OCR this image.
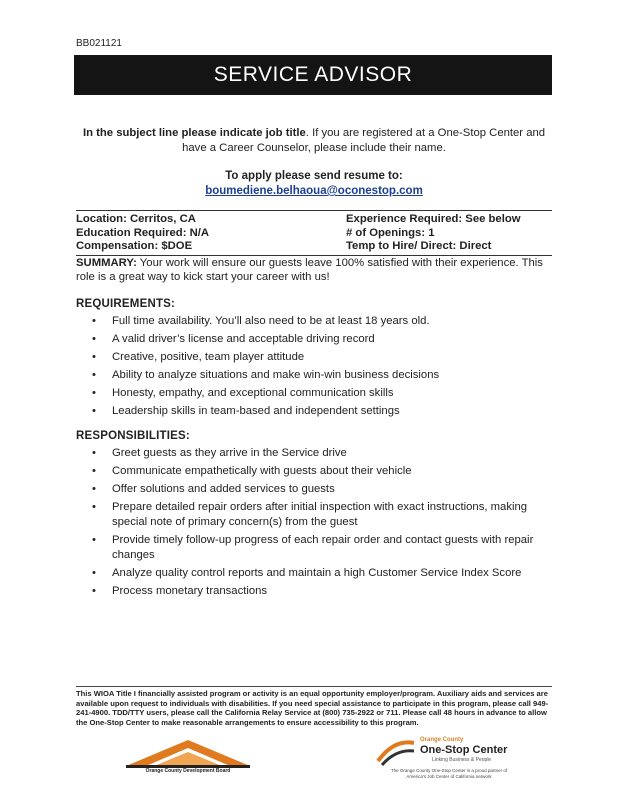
BB021121
SERVICE ADVISOR
In the subject line please indicate job title. If you are registered at a One-Stop Center and have a Career Counselor, please include their name.
To apply please send resume to:
boumediene.belhaoua@oconestop.com
Location: Cerritos, CA
Education Required: N/A
Compensation: $DOE
Experience Required: See below
# of Openings: 1
Temp to Hire/ Direct: Direct
SUMMARY: Your work will ensure our guests leave 100% satisfied with their experience. This role is a great way to kick start your career with us!
REQUIREMENTS:
• Full time availability. You’ll also need to be at least 18 years old.
• A valid driver’s license and acceptable driving record
• Creative, positive, team player attitude
• Ability to analyze situations and make win-win business decisions
• Honesty, empathy, and exceptional communication skills
• Leadership skills in team-based and independent settings
RESPONSIBILITIES:
• Greet guests as they arrive in the Service drive
• Communicate empathetically with guests about their vehicle
• Offer solutions and added services to guests
• Prepare detailed repair orders after initial inspection with exact instructions, making special note of primary concern(s) from the guest
• Provide timely follow-up progress of each repair order and contact guests with repair changes
• Analyze quality control reports and maintain a high Customer Service Index Score
• Process monetary transactions
This WIOA Title I financially assisted program or activity is an equal opportunity employer/program. Auxiliary aids and services are available upon request to individuals with disabilities. If you need special assistance to participate in this program, please call 949-241-4900. TDD/TTY users, please call the California Relay Service at (800) 735-2922 or 711. Please call 48 hours in advance to allow the One-Stop Center to make reasonable arrangements to ensure accessibility to this program.
Orange County Development Board
Orange County
One-Stop Center
Linking Business & People
The Orange County One-Stop Center is a proud partner of America's Job Center of California network
